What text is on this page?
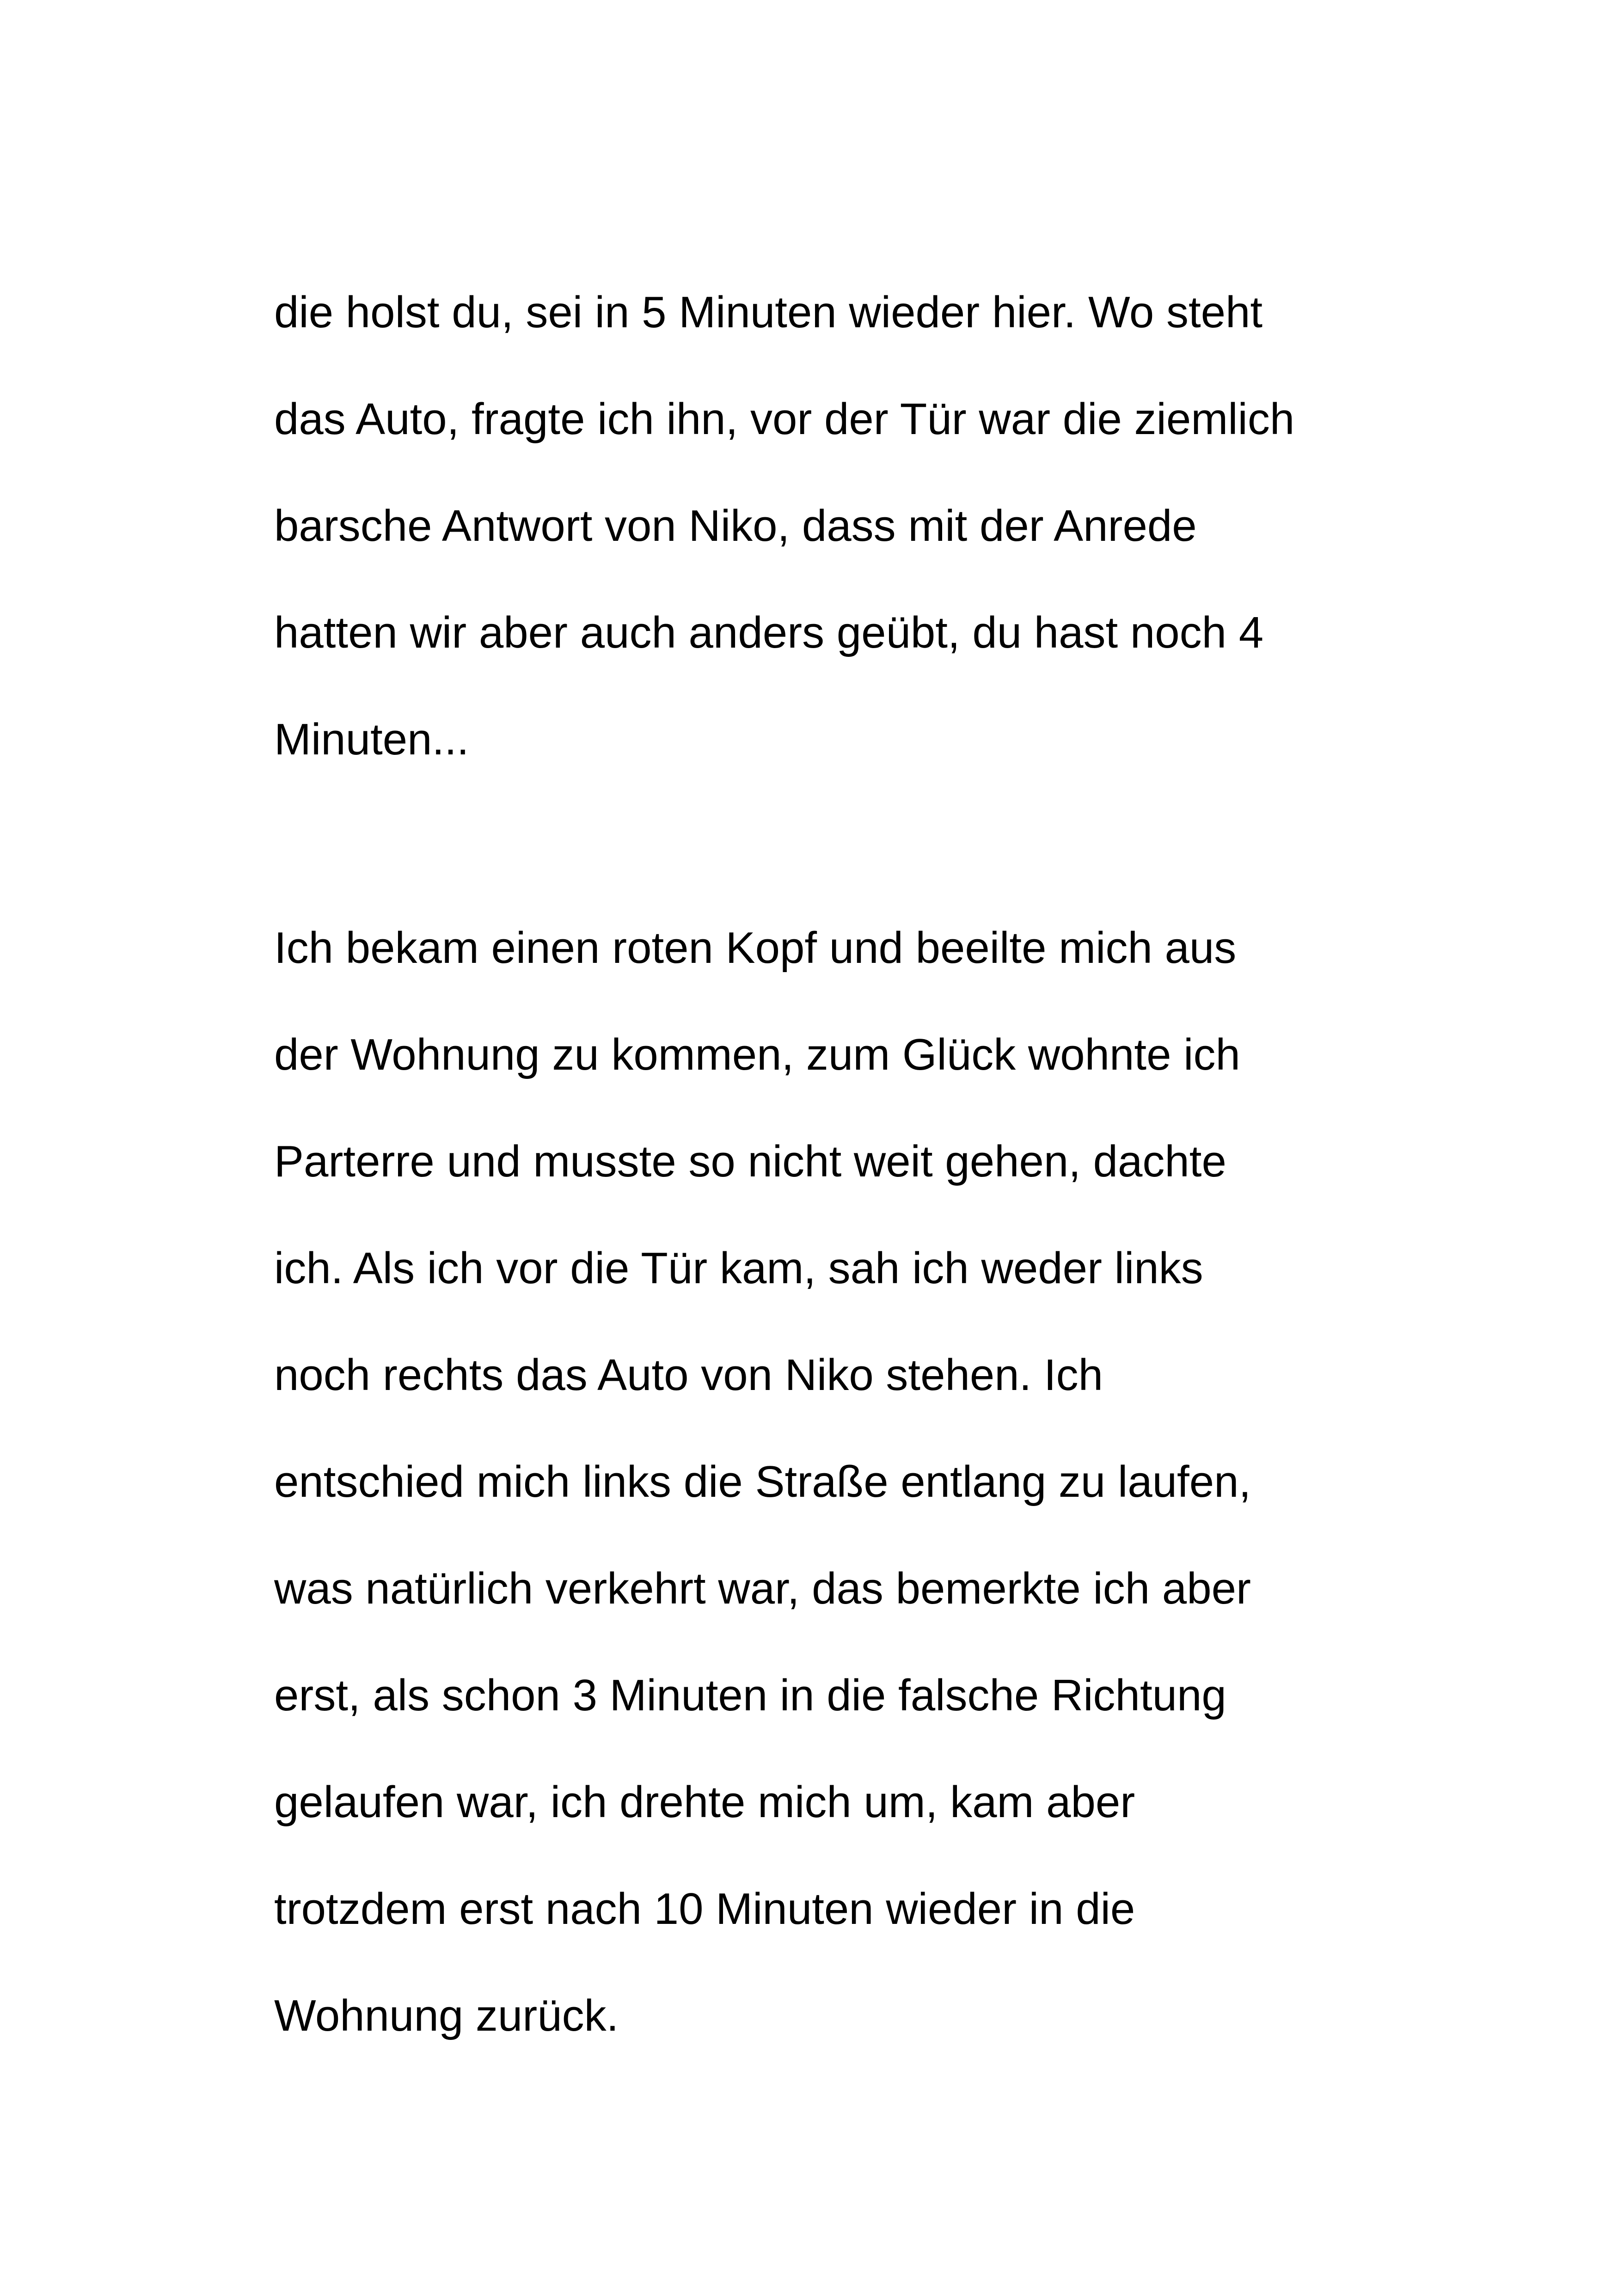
die holst du, sei in 5 Minuten wieder hier. Wo steht
das Auto, fragte ich ihn, vor der Tür war die ziemlich
barsche Antwort von Niko, dass mit der Anrede
hatten wir aber auch anders geübt, du hast noch 4
Minuten...
Ich bekam einen roten Kopf und beeilte mich aus
der Wohnung zu kommen, zum Glück wohnte ich
Parterre und musste so nicht weit gehen, dachte
ich. Als ich vor die Tür kam, sah ich weder links
noch rechts das Auto von Niko stehen. Ich
entschied mich links die Straße entlang zu laufen,
was natürlich verkehrt war, das bemerkte ich aber
erst, als schon 3 Minuten in die falsche Richtung
gelaufen war, ich drehte mich um, kam aber
trotzdem erst nach 10 Minuten wieder in die
Wohnung zurück.
